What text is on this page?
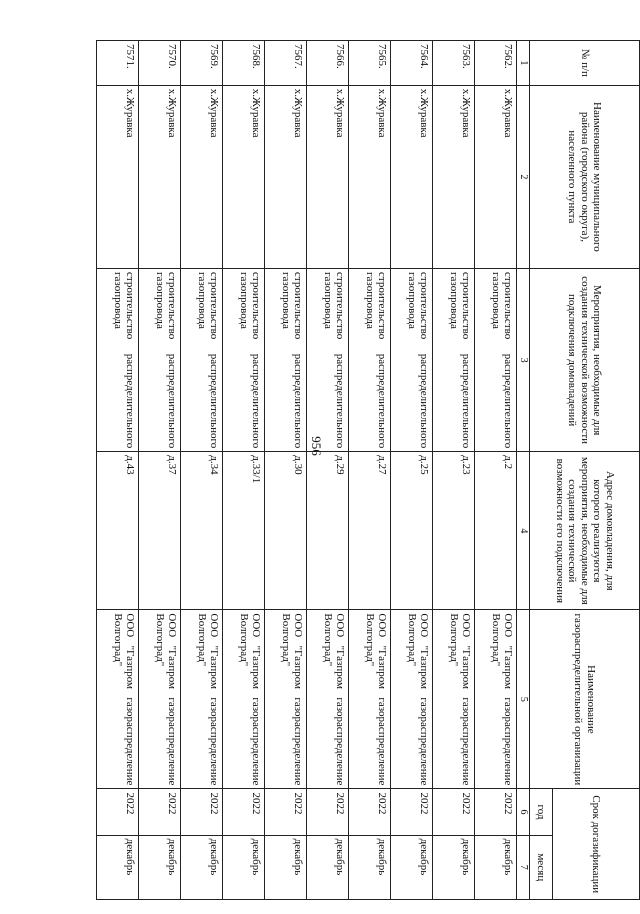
956
№ п/п	Наименование муниципального района (городского округа), населенного пункта	Мероприятия, необходимые для создания технической возможности подключения домовладений	Адрес домовладения, для которого реализуются мероприятия, необходимые для создания технической возможности его подключения	Наименование газораспределительной организации	Срок догазификации	
					год	месяц
1	2	3	4	5	6	7
7562.	х.Журавка	строительство распределительного газопровода	д.2	ООО "Газпром газораспределение Волгоград"	2022	декабрь
7563.	х.Журавка	строительство распределительного газопровода	д.23	ООО "Газпром газораспределение Волгоград"	2022	декабрь
7564.	х.Журавка	строительство распределительного газопровода	д.25	ООО "Газпром газораспределение Волгоград"	2022	декабрь
7565.	х.Журавка	строительство распределительного газопровода	д.27	ООО "Газпром газораспределение Волгоград"	2022	декабрь
7566.	х.Журавка	строительство распределительного газопровода	д.29	ООО "Газпром газораспределение Волгоград"	2022	декабрь
7567.	х.Журавка	строительство распределительного газопровода	д.30	ООО "Газпром газораспределение Волгоград"	2022	декабрь
7568.	х.Журавка	строительство распределительного газопровода	д.33/1	ООО "Газпром газораспределение Волгоград"	2022	декабрь
7569.	х.Журавка	строительство распределительного газопровода	д.34	ООО "Газпром газораспределение Волгоград"	2022	декабрь
7570.	х.Журавка	строительство распределительного газопровода	д.37	ООО "Газпром газораспределение Волгоград"	2022	декабрь
7571.	х.Журавка	строительство распределительного газопровода	д.43	ООО "Газпром газораспределение Волгоград"	2022	декабрь
